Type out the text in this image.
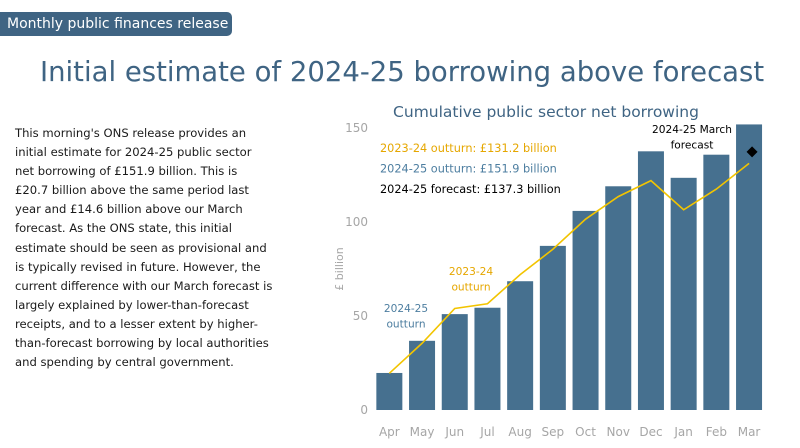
Monthly public finances release
Initial estimate of 2024-25 borrowing above forecast
This morning's ONS release provides an initial estimate for 2024-25 public sector net borrowing of £151.9 billion. This is £20.7 billion above the same period last year and £14.6 billion above our March forecast. As the ONS state, this initial estimate should be seen as provisional and is typically revised in future. However, the current difference with our March forecast is largely explained by lower-than-forecast receipts, and to a lesser extent by higher-than-forecast borrowing by local authorities and spending by central government.
Cumulative public sector net borrowing
£ billion
0
50
100
150
Apr May Jun Jul Aug Sep Oct Nov Dec Jan Feb Mar
2023-24 outturn: £131.2 billion
2024-25 outturn: £151.9 billion
2024-25 forecast: £137.3 billion
2024-25
outturn
2023-24
outturn
2024-25 March
forecast
